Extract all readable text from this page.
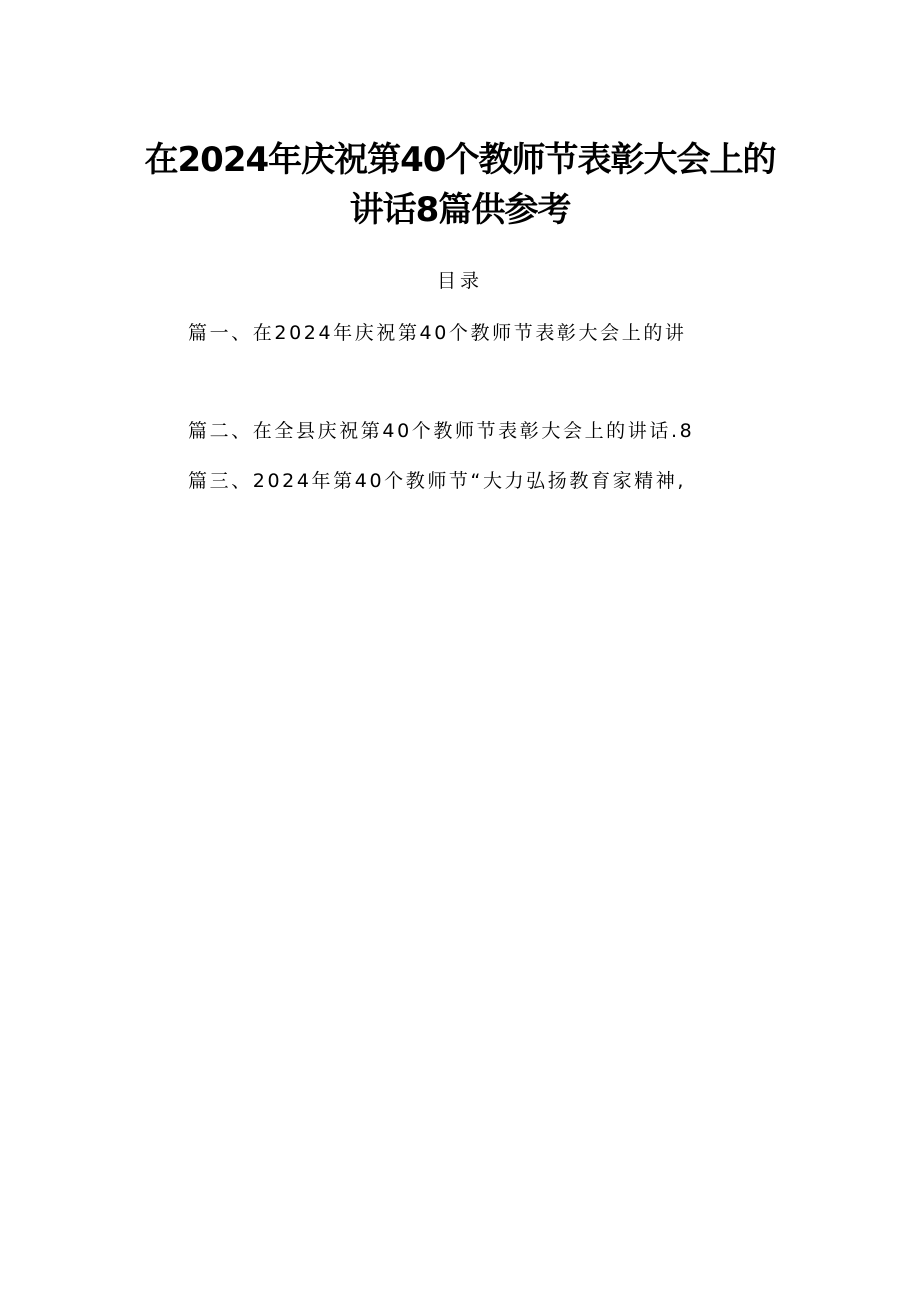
在2024年庆祝第40个教师节表彰大会上的
讲话8篇供参考
目录
篇一、在2024年庆祝第40个教师节表彰大会上的讲
篇二、在全县庆祝第40个教师节表彰大会上的讲话.8
篇三、2024年第40个教师节“大力弘扬教育家精神,
